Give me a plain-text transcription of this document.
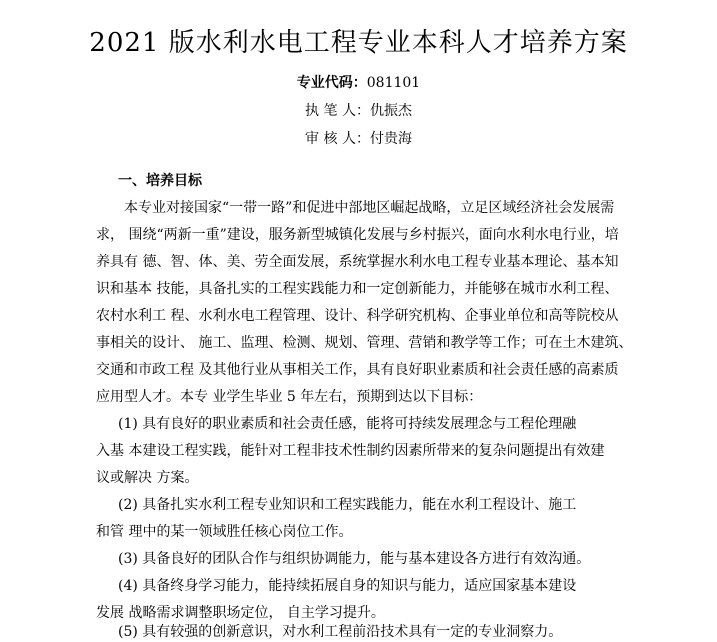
2021 版水利水电工程专业本科人才培养方案
专业代码：081101
执 笔 人：仇振杰
审 核 人：付贵海
一、培养目标
本专业对接国家“一带一路”和促进中部地区崛起战略，立足区域经济社会发展需
求， 围绕“两新一重”建设，服务新型城镇化发展与乡村振兴，面向水利水电行业，培
养具有 德、智、体、美、劳全面发展，系统掌握水利水电工程专业基本理论、基本知
识和基本 技能，具备扎实的工程实践能力和一定创新能力，并能够在城市水利工程、
农村水利工 程、水利水电工程管理、设计、科学研究机构、企事业单位和高等院校从
事相关的设计、 施工、监理、检测、规划、管理、营销和教学等工作；可在土木建筑、
交通和市政工程 及其他行业从事相关工作，具有良好职业素质和社会责任感的高素质
应用型人才。本专 业学生毕业 5 年左右，预期到达以下目标：
(1) 具有良好的职业素质和社会责任感，能将可持续发展理念与工程伦理融
入基 本建设工程实践，能针对工程非技术性制约因素所带来的复杂问题提出有效建
议或解决 方案。
(2) 具备扎实水利工程专业知识和工程实践能力，能在水利工程设计、施工
和管 理中的某一领域胜任核心岗位工作。
(3) 具备良好的团队合作与组织协调能力，能与基本建设各方进行有效沟通。
(4) 具备终身学习能力，能持续拓展自身的知识与能力，适应国家基本建设
发展 战略需求调整职场定位， 自主学习提升。
(5) 具有较强的创新意识，对水利工程前沿技术具有一定的专业洞察力。
